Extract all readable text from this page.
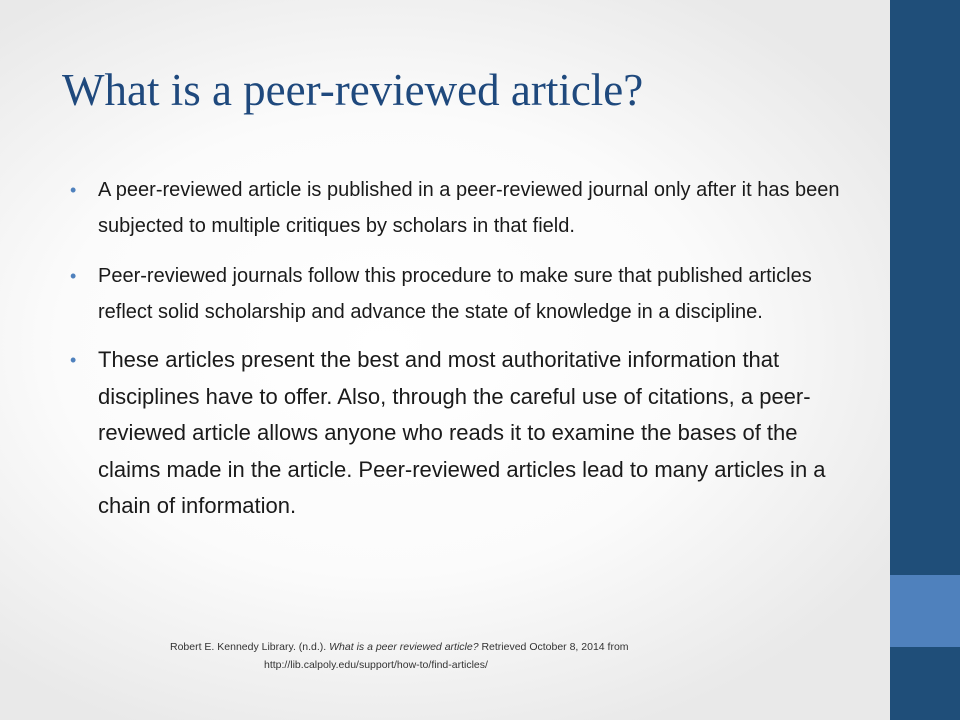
What is a peer-reviewed article?
• A peer-reviewed article is published in a peer-reviewed journal only after it has been subjected to multiple critiques by scholars in that field.
• Peer-reviewed journals follow this procedure to make sure that published articles reflect solid scholarship and advance the state of knowledge in a discipline.
• These articles present the best and most authoritative information that disciplines have to offer. Also, through the careful use of citations, a peer-reviewed article allows anyone who reads it to examine the bases of the claims made in the article. Peer-reviewed articles lead to many articles in a chain of information.
Robert E. Kennedy Library. (n.d.). What is a peer reviewed article? Retrieved October 8, 2014 from
http://lib.calpoly.edu/support/how-to/find-articles/
